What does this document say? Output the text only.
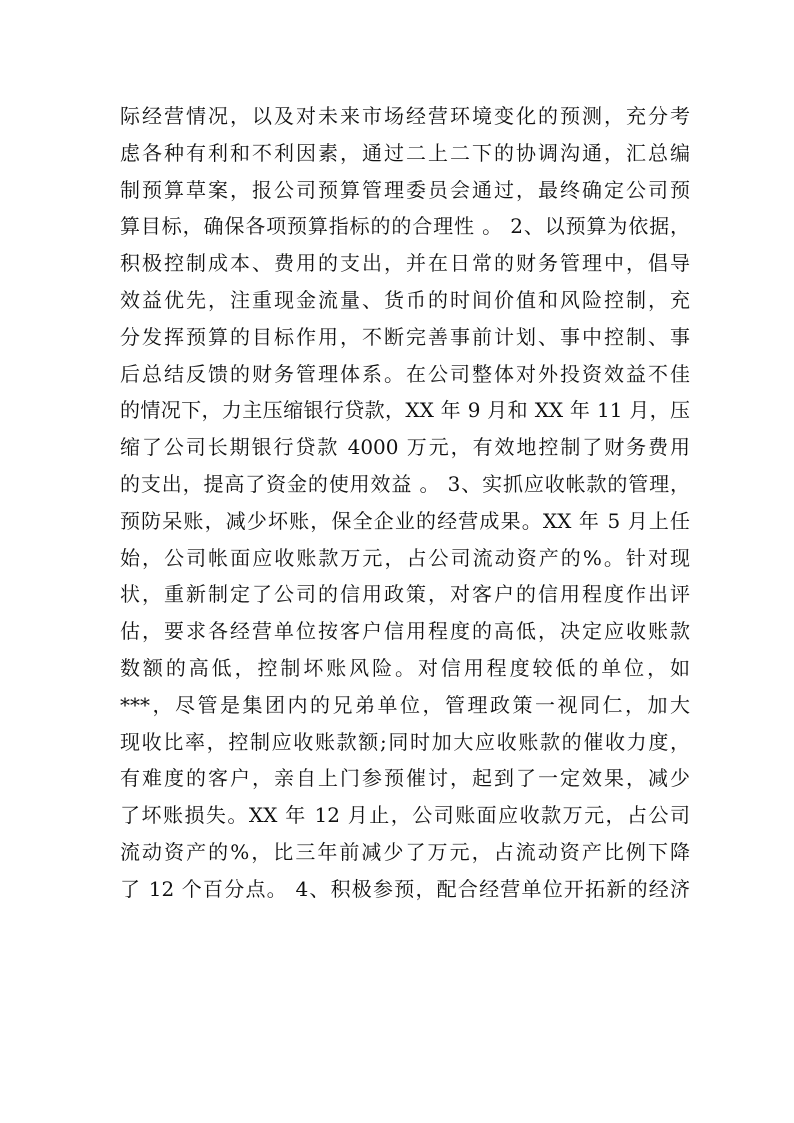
际经营情况，以及对未来市场经营环境变化的预测，充分考
虑各种有利和不利因素，通过二上二下的协调沟通，汇总编
制预算草案，报公司预算管理委员会通过，最终确定公司预
算目标，确保各项预算指标的的合理性 。 2、以预算为依据，
积极控制成本、费用的支出，并在日常的财务管理中，倡导
效益优先，注重现金流量、货币的时间价值和风险控制，充
分发挥预算的目标作用，不断完善事前计划、事中控制、事
后总结反馈的财务管理体系。在公司整体对外投资效益不佳
的情况下，力主压缩银行贷款，XX 年 9 月和 XX 年 11 月，压
缩了公司长期银行贷款 4000 万元，有效地控制了财务费用
的支出，提高了资金的使用效益 。 3、实抓应收帐款的管理，
预防呆账，减少坏账，保全企业的经营成果。XX 年 5 月上任
始，公司帐面应收账款万元，占公司流动资产的%。针对现
状，重新制定了公司的信用政策，对客户的信用程度作出评
估，要求各经营单位按客户信用程度的高低，决定应收账款
数额的高低，控制坏账风险。对信用程度较低的单位，如
***，尽管是集团内的兄弟单位，管理政策一视同仁，加大
现收比率，控制应收账款额;同时加大应收账款的催收力度，
有难度的客户，亲自上门参预催讨，起到了一定效果，减少
了坏账损失。XX 年 12 月止，公司账面应收款万元，占公司
流动资产的%，比三年前减少了万元，占流动资产比例下降
了 12 个百分点。 4、积极参预，配合经营单位开拓新的经济
